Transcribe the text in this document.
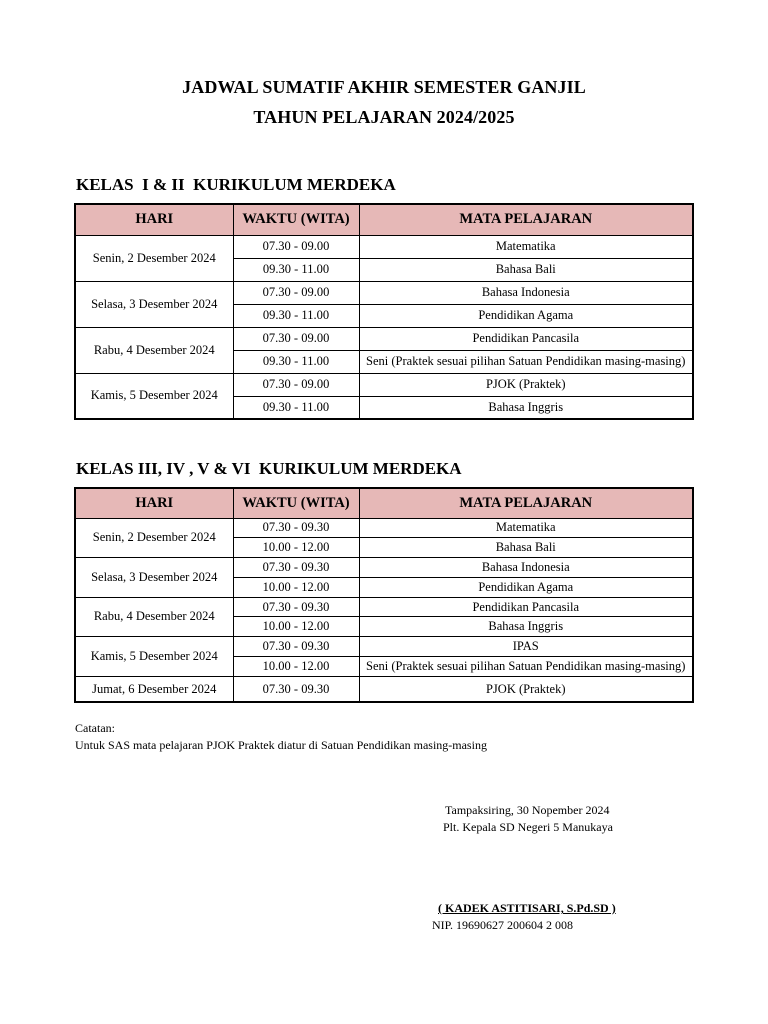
JADWAL SUMATIF AKHIR SEMESTER GANJIL
TAHUN PELAJARAN 2024/2025
KELAS  I & II  KURIKULUM MERDEKA
HARI	WAKTU (WITA)	MATA PELAJARAN
Senin, 2 Desember 2024	07.30 - 09.00	Matematika
	09.30 - 11.00	Bahasa Bali
Selasa, 3 Desember 2024	07.30 - 09.00	Bahasa Indonesia
	09.30 - 11.00	Pendidikan Agama
Rabu, 4 Desember 2024	07.30 - 09.00	Pendidikan Pancasila
	09.30 - 11.00	Seni (Praktek sesuai pilihan Satuan Pendidikan masing-masing)
Kamis, 5 Desember 2024	07.30 - 09.00	PJOK (Praktek)
	09.30 - 11.00	Bahasa Inggris
KELAS III, IV , V & VI  KURIKULUM MERDEKA
HARI	WAKTU (WITA)	MATA PELAJARAN
Senin, 2 Desember 2024	07.30 - 09.30	Matematika
	10.00 - 12.00	Bahasa Bali
Selasa, 3 Desember 2024	07.30 - 09.30	Bahasa Indonesia
	10.00 - 12.00	Pendidikan Agama
Rabu, 4 Desember 2024	07.30 - 09.30	Pendidikan Pancasila
	10.00 - 12.00	Bahasa Inggris
Kamis, 5 Desember 2024	07.30 - 09.30	IPAS
	10.00 - 12.00	Seni (Praktek sesuai pilihan Satuan Pendidikan masing-masing)
Jumat, 6 Desember 2024	07.30 - 09.30	PJOK (Praktek)
Catatan:
Untuk SAS mata pelajaran PJOK Praktek diatur di Satuan Pendidikan masing-masing
Tampaksiring, 30 Nopember 2024
Plt. Kepala SD Negeri 5 Manukaya
( KADEK ASTITISARI, S.Pd.SD )
NIP. 19690627 200604 2 008
